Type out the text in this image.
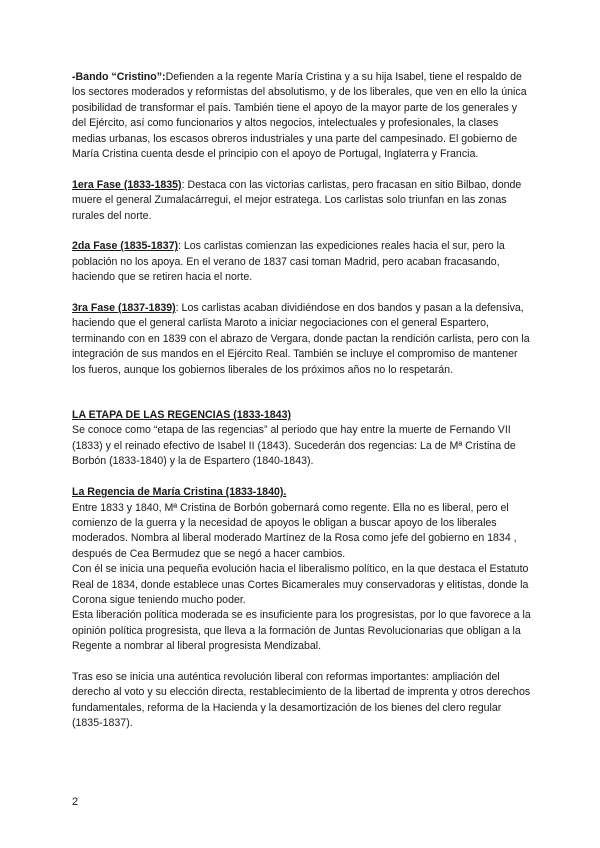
-Bando “Cristino”:Defienden a la regente María Cristina y a su hija Isabel, tiene el respaldo de los sectores moderados y reformistas del absolutismo, y de los liberales, que ven en ello la única posibilidad de transformar el país. También tiene el apoyo de la mayor parte de los generales y del Ejército, así como funcionarios y altos negocios, intelectuales y profesionales, la clases medias urbanas, los escasos obreros industriales y una parte del campesinado. El gobierno de María Cristina cuenta desde el principio con el apoyo de Portugal, Inglaterra y Francia.

1era Fase (1833-1835): Destaca con las victorias carlistas, pero fracasan en sitio Bilbao, donde muere el general Zumalacárregui, el mejor estratega. Los carlistas solo triunfan en las zonas rurales del norte.

2da Fase (1835-1837): Los carlistas comienzan las expediciones reales hacia el sur, pero la población no los apoya. En el verano de 1837 casi toman Madrid, pero acaban fracasando, haciendo que se retiren hacia el norte.

3ra Fase (1837-1839): Los carlistas acaban dividiéndose en dos bandos y pasan a la defensiva, haciendo que el general carlista Maroto a iniciar negociaciones con el general Espartero, terminando con en 1839 con el abrazo de Vergara, donde pactan la rendición carlista, pero con la integración de sus mandos en el Ejército Real. También se incluye el compromiso de mantener los fueros, aunque los gobiernos liberales de los próximos años no lo respetarán.

LA ETAPA DE LAS REGENCIAS (1833-1843)

Se conoce como “etapa de las regencias” al periodo que hay entre la muerte de Fernando VII (1833) y el reinado efectivo de Isabel II (1843). Sucederán dos regencias: La de Mª Cristina de Borbón (1833-1840) y la de Espartero (1840-1843).

La Regencia de María Cristina (1833-1840).

Entre 1833 y 1840, Mª Cristina de Borbón gobernará como regente. Ella no es liberal, pero el comienzo de la guerra y la necesidad de apoyos le obligan a buscar apoyo de los liberales moderados. Nombra al liberal moderado Martínez de la Rosa como jefe del gobierno en 1834 , después de Cea Bermudez que se negó a hacer cambios.

Con él se inicia una pequeña evolución hacia el liberalismo político, en la que destaca el Estatuto Real de 1834, donde establece unas Cortes Bicamerales muy conservadoras y elitistas, donde la Corona sigue teniendo mucho poder.

Esta liberación política moderada se es insuficiente para los progresistas, por lo que favorece a la opinión política progresista, que lleva a la formación de Juntas Revolucionarias que obligan a la Regente a nombrar al liberal progresista Mendizabal.

Tras eso se inicia una auténtica revolución liberal con reformas importantes: ampliación del derecho al voto y su elección directa, restablecimiento de la libertad de imprenta y otros derechos fundamentales, reforma de la Hacienda y la desamortización de los bienes del clero regular (1835-1837).

2
